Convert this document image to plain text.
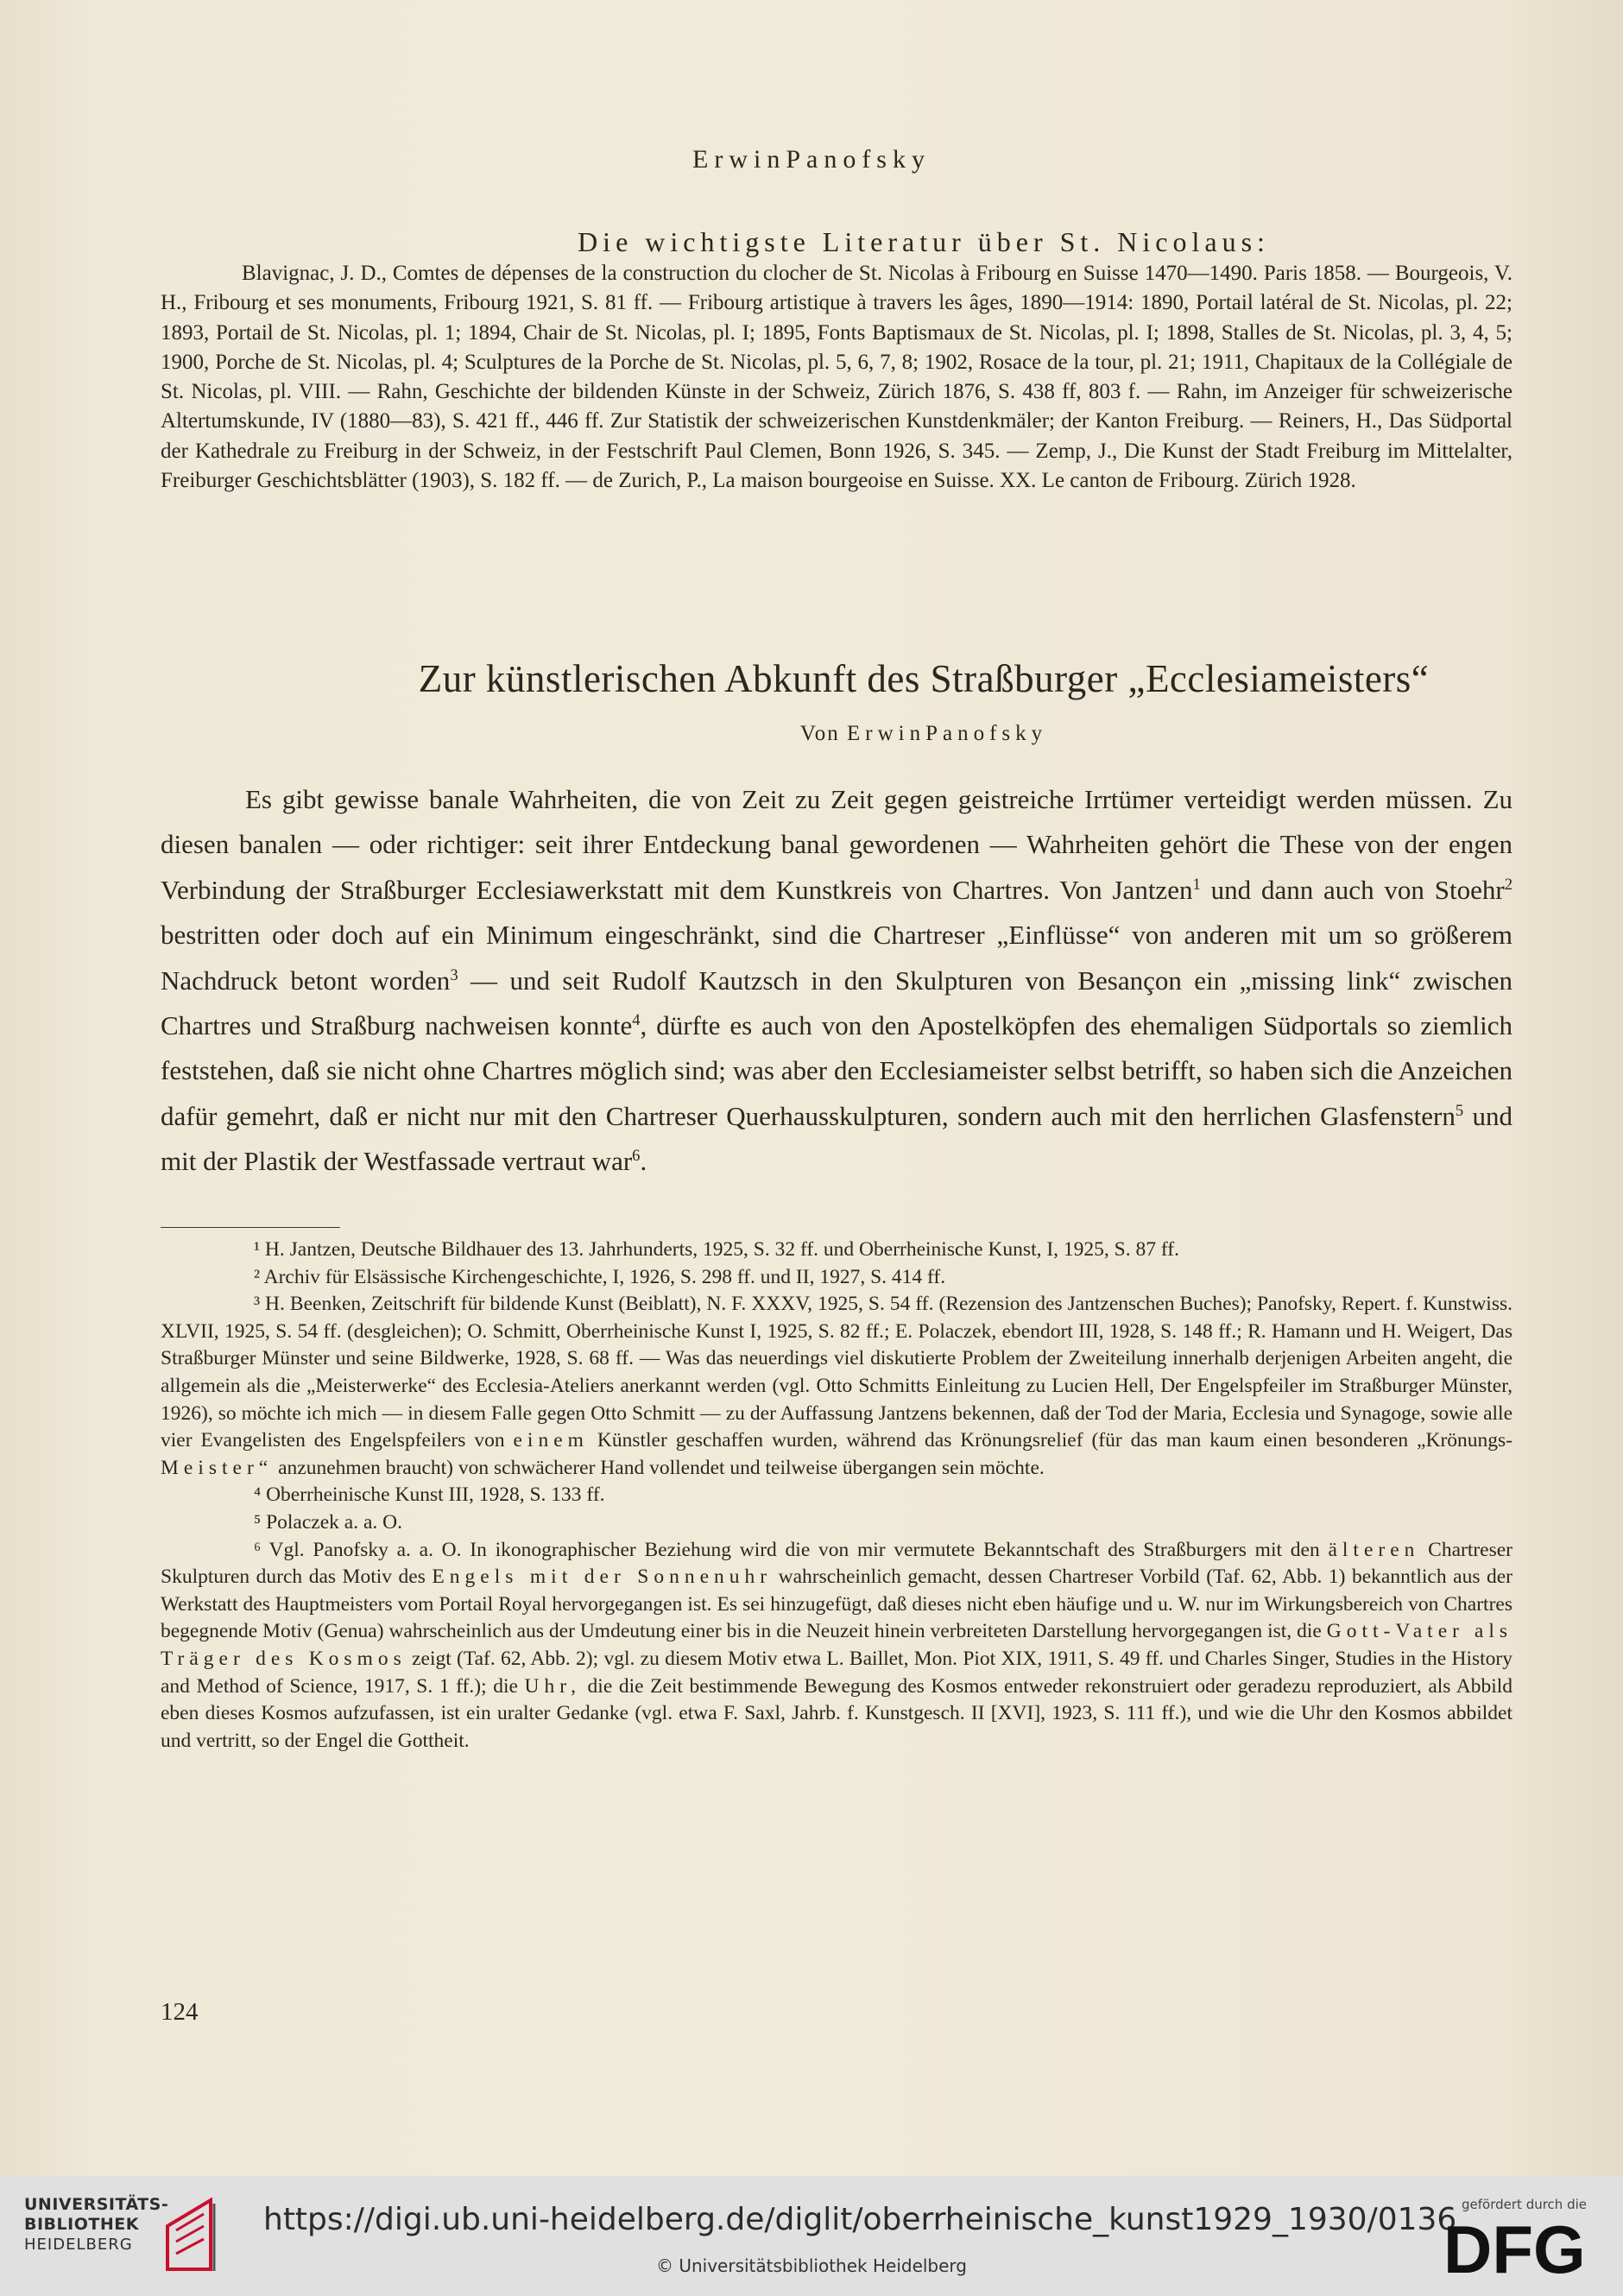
ErwinPanofsky
Die wichtigste Literatur über St. Nicolaus:
Blavignac, J. D., Comtes de dépenses de la construction du clocher de St. Nicolas à Fribourg en Suisse 1470—1490. Paris 1858. — Bourgeois, V. H., Fribourg et ses monuments, Fribourg 1921, S. 81 ff. — Fribourg artistique à travers les âges, 1890—1914: 1890, Portail latéral de St. Nicolas, pl. 22; 1893, Portail de St. Nicolas, pl. 1; 1894, Chair de St. Nicolas, pl. I; 1895, Fonts Baptismaux de St. Nicolas, pl. I; 1898, Stalles de St. Nicolas, pl. 3, 4, 5; 1900, Porche de St. Nicolas, pl. 4; Sculptures de la Porche de St. Nicolas, pl. 5, 6, 7, 8; 1902, Rosace de la tour, pl. 21; 1911, Chapitaux de la Collégiale de St. Nicolas, pl. VIII. — Rahn, Geschichte der bildenden Künste in der Schweiz, Zürich 1876, S. 438 ff, 803 f. — Rahn, im Anzeiger für schweizerische Altertumskunde, IV (1880—83), S. 421 ff., 446 ff. Zur Statistik der schweizerischen Kunstdenkmäler; der Kanton Freiburg. — Reiners, H., Das Südportal der Kathedrale zu Freiburg in der Schweiz, in der Festschrift Paul Clemen, Bonn 1926, S. 345. — Zemp, J., Die Kunst der Stadt Freiburg im Mittelalter, Freiburger Geschichtsblätter (1903), S. 182 ff. — de Zurich, P., La maison bourgeoise en Suisse. XX. Le canton de Fribourg. Zürich 1928.
Zur künstlerischen Abkunft des Straßburger „Ecclesiameisters“
Von ErwinPanofsky
Es gibt gewisse banale Wahrheiten, die von Zeit zu Zeit gegen geistreiche Irrtümer verteidigt werden müssen. Zu diesen banalen — oder richtiger: seit ihrer Entdeckung banal gewordenen — Wahrheiten gehört die These von der engen Verbindung der Straßburger Ecclesiawerkstatt mit dem Kunstkreis von Chartres. Von Jantzen$^1$ und dann auch von Stoehr$^2$ bestritten oder doch auf ein Minimum eingeschränkt, sind die Chartreser „Einflüsse“ von anderen mit um so größerem Nachdruck betont worden$^3$ — und seit Rudolf Kautzsch in den Skulpturen von Besançon ein „missing link“ zwischen Chartres und Straßburg nachweisen konnte$^4$, dürfte es auch von den Apostelköpfen des ehemaligen Südportals so ziemlich feststehen, daß sie nicht ohne Chartres möglich sind; was aber den Ecclesiameister selbst betrifft, so haben sich die Anzeichen dafür gemehrt, daß er nicht nur mit den Chartreser Querhausskulpturen, sondern auch mit den herrlichen Glasfenstern$^5$ und mit der Plastik der Westfassade vertraut war$^6$.
¹ H. Jantzen, Deutsche Bildhauer des 13. Jahrhunderts, 1925, S. 32 ff. und Oberrheinische Kunst, I, 1925, S. 87 ff.
² Archiv für Elsässische Kirchengeschichte, I, 1926, S. 298 ff. und II, 1927, S. 414 ff.
³ H. Beenken, Zeitschrift für bildende Kunst (Beiblatt), N. F. XXXV, 1925, S. 54 ff. (Rezension des Jantzenschen Buches); Panofsky, Repert. f. Kunstwiss. XLVII, 1925, S. 54 ff. (desgleichen); O. Schmitt, Oberrheinische Kunst I, 1925, S. 82 ff.; E. Polaczek, ebendort III, 1928, S. 148 ff.; R. Hamann und H. Weigert, Das Straßburger Münster und seine Bildwerke, 1928, S. 68 ff. — Was das neuerdings viel diskutierte Problem der Zweiteilung innerhalb derjenigen Arbeiten angeht, die allgemein als die „Meisterwerke“ des Ecclesia-Ateliers anerkannt werden (vgl. Otto Schmitts Einleitung zu Lucien Hell, Der Engelspfeiler im Straßburger Münster, 1926), so möchte ich mich — in diesem Falle gegen Otto Schmitt — zu der Auffassung Jantzens bekennen, daß der Tod der Maria, Ecclesia und Synagoge, sowie alle vier Evangelisten des Engelspfeilers von einem Künstler geschaffen wurden, während das Krönungsrelief (für das man kaum einen besonderen „Krönungs-Meister“ anzunehmen braucht) von schwächerer Hand vollendet und teilweise übergangen sein möchte.
⁴ Oberrheinische Kunst III, 1928, S. 133 ff.
⁵ Polaczek a. a. O.
⁶ Vgl. Panofsky a. a. O. In ikonographischer Beziehung wird die von mir vermutete Bekanntschaft des Straßburgers mit den älteren Chartreser Skulpturen durch das Motiv des Engels mit der Sonnenuhr wahrscheinlich gemacht, dessen Chartreser Vorbild (Taf. 62, Abb. 1) bekanntlich aus der Werkstatt des Hauptmeisters vom Portail Royal hervorgegangen ist. Es sei hinzugefügt, daß dieses nicht eben häufige und u. W. nur im Wirkungsbereich von Chartres begegnende Motiv (Genua) wahrscheinlich aus der Umdeutung einer bis in die Neuzeit hinein verbreiteten Darstellung hervorgegangen ist, die Gott-Vater als Träger des Kosmos zeigt (Taf. 62, Abb. 2); vgl. zu diesem Motiv etwa L. Baillet, Mon. Piot XIX, 1911, S. 49 ff. und Charles Singer, Studies in the History and Method of Science, 1917, S. 1 ff.); die Uhr, die die Zeit bestimmende Bewegung des Kosmos entweder rekonstruiert oder geradezu reproduziert, als Abbild eben dieses Kosmos aufzufassen, ist ein uralter Gedanke (vgl. etwa F. Saxl, Jahrb. f. Kunstgesch. II [XVI], 1923, S. 111 ff.), und wie die Uhr den Kosmos abbildet und vertritt, so der Engel die Gottheit.
124
UNIVERSITÄTS-
BIBLIOTHEK
HEIDELBERG
https://digi.ub.uni-heidelberg.de/diglit/oberrheinische_kunst1929_1930/0136
© Universitätsbibliothek Heidelberg
gefördert durch die
DFG
